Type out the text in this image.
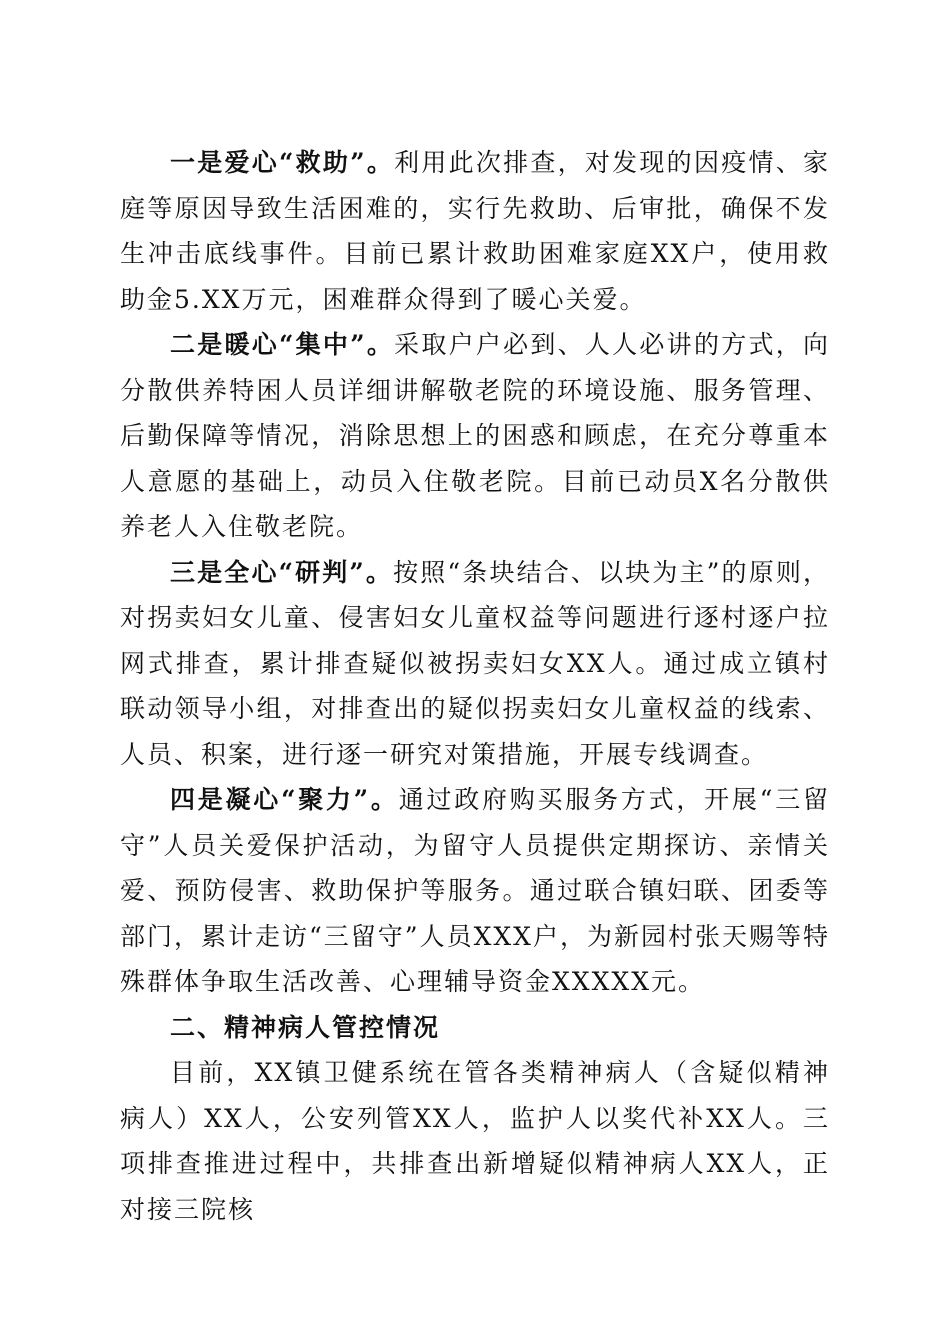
一是爱心“救助”。利用此次排查，对发现的因疫情、家庭等原因导致生活困难的，实行先救助、后审批，确保不发生冲击底线事件。目前已累计救助困难家庭XX户，使用救助金5.XX万元，困难群众得到了暖心关爱。

二是暖心“集中”。采取户户必到、人人必讲的方式，向分散供养特困人员详细讲解敬老院的环境设施、服务管理、后勤保障等情况，消除思想上的困惑和顾虑，在充分尊重本人意愿的基础上，动员入住敬老院。目前已动员X名分散供养老人入住敬老院。

三是全心“研判”。按照“条块结合、以块为主”的原则，对拐卖妇女儿童、侵害妇女儿童权益等问题进行逐村逐户拉网式排查，累计排查疑似被拐卖妇女XX人。通过成立镇村联动领导小组，对排查出的疑似拐卖妇女儿童权益的线索、人员、积案，进行逐一研究对策措施，开展专线调查。

四是凝心“聚力”。通过政府购买服务方式，开展“三留守”人员关爱保护活动，为留守人员提供定期探访、亲情关爱、预防侵害、救助保护等服务。通过联合镇妇联、团委等部门，累计走访“三留守”人员XXX户，为新园村张天赐等特殊群体争取生活改善、心理辅导资金XXXXX元。

二、精神病人管控情况

目前，XX镇卫健系统在管各类精神病人（含疑似精神病人）XX人，公安列管XX人，监护人以奖代补XX人。三项排查推进过程中，共排查出新增疑似精神病人XX人，正对接三院核
